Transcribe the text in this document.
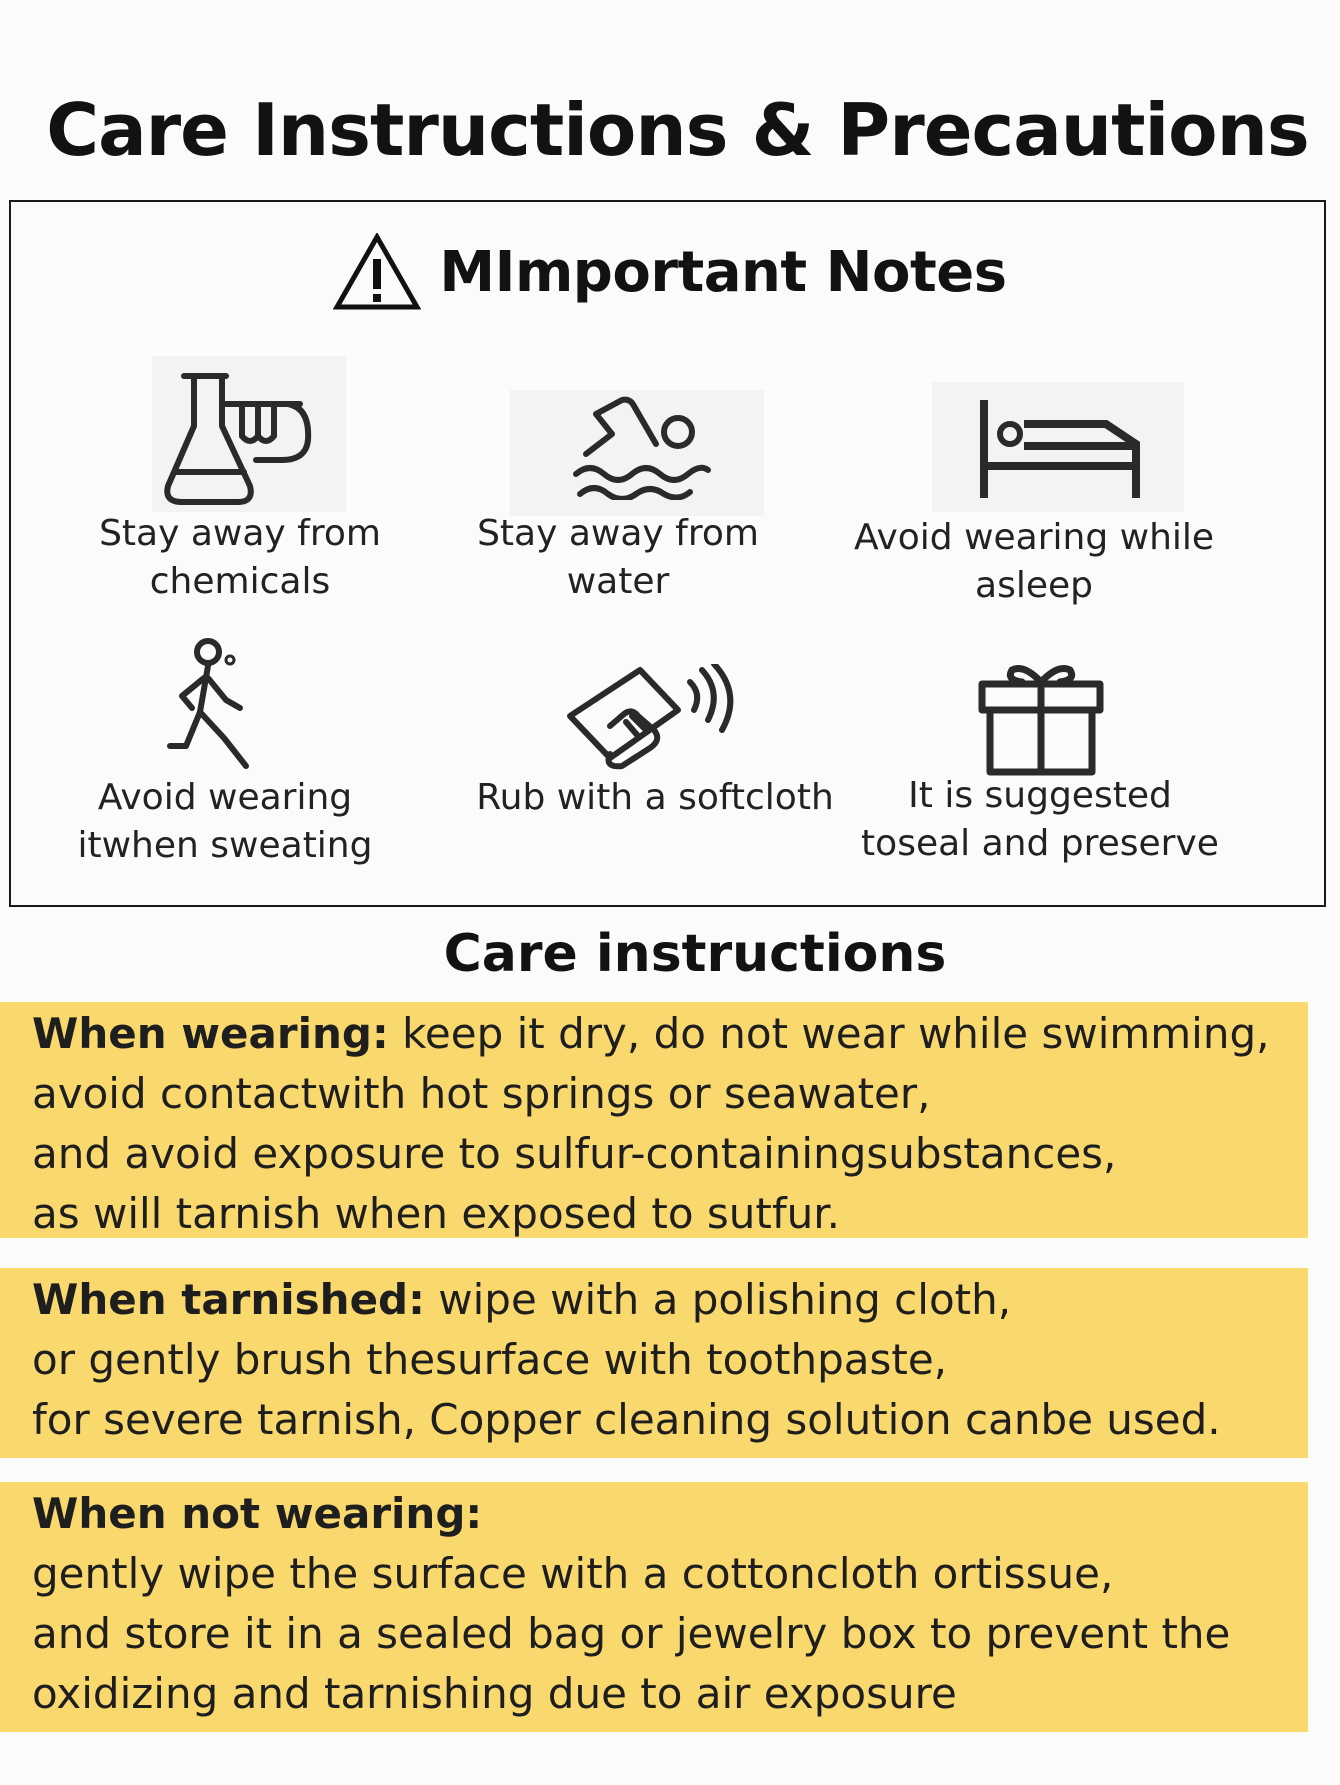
Care Instructions & Precautions
MImportant Notes
Stay away from
chemicals
Stay away from
water
Avoid wearing while
asleep
Avoid wearing
itwhen sweating
Rub with a softcloth	It is suggested
toseal and preserve
Care instructions
When wearing: keep it dry, do not wear while swimming,
avoid contactwith hot springs or seawater,
and avoid exposure to sulfur-containingsubstances,
as will tarnish when exposed to sutfur.
When tarnished: wipe with a polishing cloth,
or gently brush thesurface with toothpaste,
for severe tarnish, Copper cleaning solution canbe used.
When not wearing:
gently wipe the surface with a cottoncloth ortissue,
and store it in a sealed bag or jewelry box to prevent the
oxidizing and tarnishing due to air exposure
